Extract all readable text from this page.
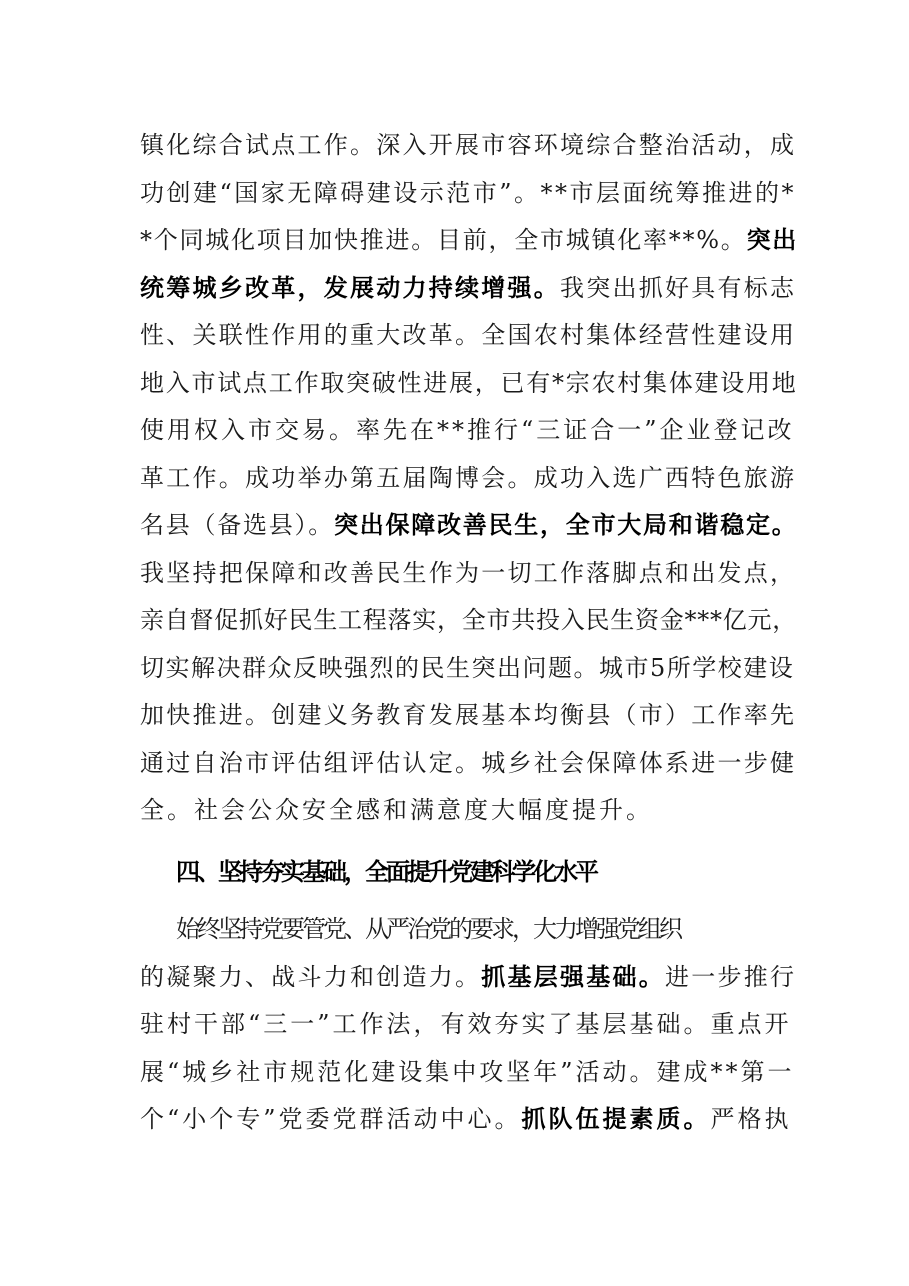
镇化综合试点工作。深入开展市容环境综合整治活动，成
功创建“国家无障碍建设示范市”。**市层面统筹推进的*
*个同城化项目加快推进。目前，全市城镇化率**%。突出
统筹城乡改革，发展动力持续增强。我突出抓好具有标志
性、关联性作用的重大改革。全国农村集体经营性建设用
地入市试点工作取突破性进展，已有*宗农村集体建设用地
使用权入市交易。率先在**推行“三证合一”企业登记改
革工作。成功举办第五届陶博会。成功入选广西特色旅游
名县（备选县）。突出保障改善民生，全市大局和谐稳定。
我坚持把保障和改善民生作为一切工作落脚点和出发点，
亲自督促抓好民生工程落实，全市共投入民生资金***亿元，
切实解决群众反映强烈的民生突出问题。城市5所学校建设
加快推进。创建义务教育发展基本均衡县（市）工作率先
通过自治市评估组评估认定。城乡社会保障体系进一步健
全。社会公众安全感和满意度大幅度提升。
四、坚持夯实基础，全面提升党建科学化水平
始终坚持党要管党、从严治党的要求，大力增强党组织
的凝聚力、战斗力和创造力。抓基层强基础。进一步推行
驻村干部“三一”工作法，有效夯实了基层基础。重点开
展“城乡社市规范化建设集中攻坚年”活动。建成**第一
个“小个专”党委党群活动中心。抓队伍提素质。严格执
